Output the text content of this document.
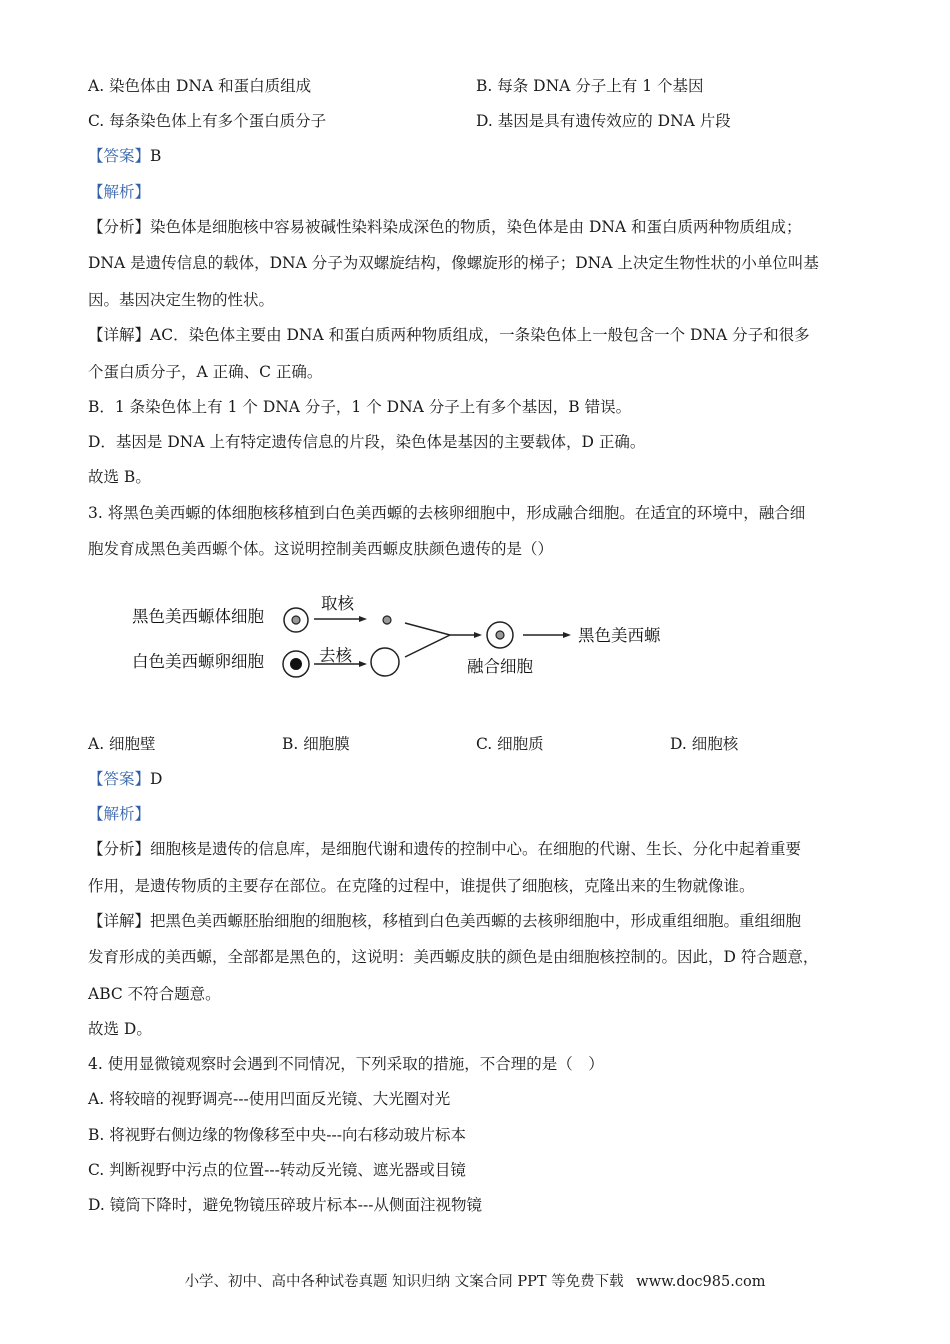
A. 染色体由 DNA 和蛋白质组成	B. 每条 DNA 分子上有 1 个基因
C. 每条染色体上有多个蛋白质分子	D. 基因是具有遗传效应的 DNA 片段
【答案】B
【解析】
【分析】染色体是细胞核中容易被碱性染料染成深色的物质，染色体是由 DNA 和蛋白质两种物质组成；
DNA 是遗传信息的载体，DNA 分子为双螺旋结构，像螺旋形的梯子；DNA 上决定生物性状的小单位叫基
因。基因决定生物的性状。
【详解】AC．染色体主要由 DNA 和蛋白质两种物质组成，一条染色体上一般包含一个 DNA 分子和很多
个蛋白质分子，A 正确、C 正确。
B．1 条染色体上有 1 个 DNA 分子，1 个 DNA 分子上有多个基因，B 错误。
D．基因是 DNA 上有特定遗传信息的片段，染色体是基因的主要载体，D 正确。
故选 B。
3. 将黑色美西螈的体细胞核移植到白色美西螈的去核卵细胞中，形成融合细胞。在适宜的环境中，融合细
胞发育成黑色美西螈个体。这说明控制美西螈皮肤颜色遗传的是（）
黑色美西螈体细胞
白色美西螈卵细胞
取核
去核
融合细胞
黑色美西螈
A. 细胞壁	B. 细胞膜	C. 细胞质	D. 细胞核
【答案】D
【解析】
【分析】细胞核是遗传的信息库，是细胞代谢和遗传的控制中心。在细胞的代谢、生长、分化中起着重要
作用，是遗传物质的主要存在部位。在克隆的过程中，谁提供了细胞核，克隆出来的生物就像谁。
【详解】把黑色美西螈胚胎细胞的细胞核，移植到白色美西螈的去核卵细胞中，形成重组细胞。重组细胞
发育形成的美西螈，全部都是黑色的，这说明：美西螈皮肤的颜色是由细胞核控制的。因此，D 符合题意，
ABC 不符合题意。
故选 D。
4. 使用显微镜观察时会遇到不同情况，下列采取的措施，不合理的是（　）
A. 将较暗的视野调亮---使用凹面反光镜、大光圈对光
B. 将视野右侧边缘的物像移至中央---向右移动玻片标本
C. 判断视野中污点的位置---转动反光镜、遮光器或目镜
D. 镜筒下降时，避免物镜压碎玻片标本---从侧面注视物镜
小学、初中、高中各种试卷真题 知识归纳 文案合同 PPT 等免费下载 www.doc985.com
